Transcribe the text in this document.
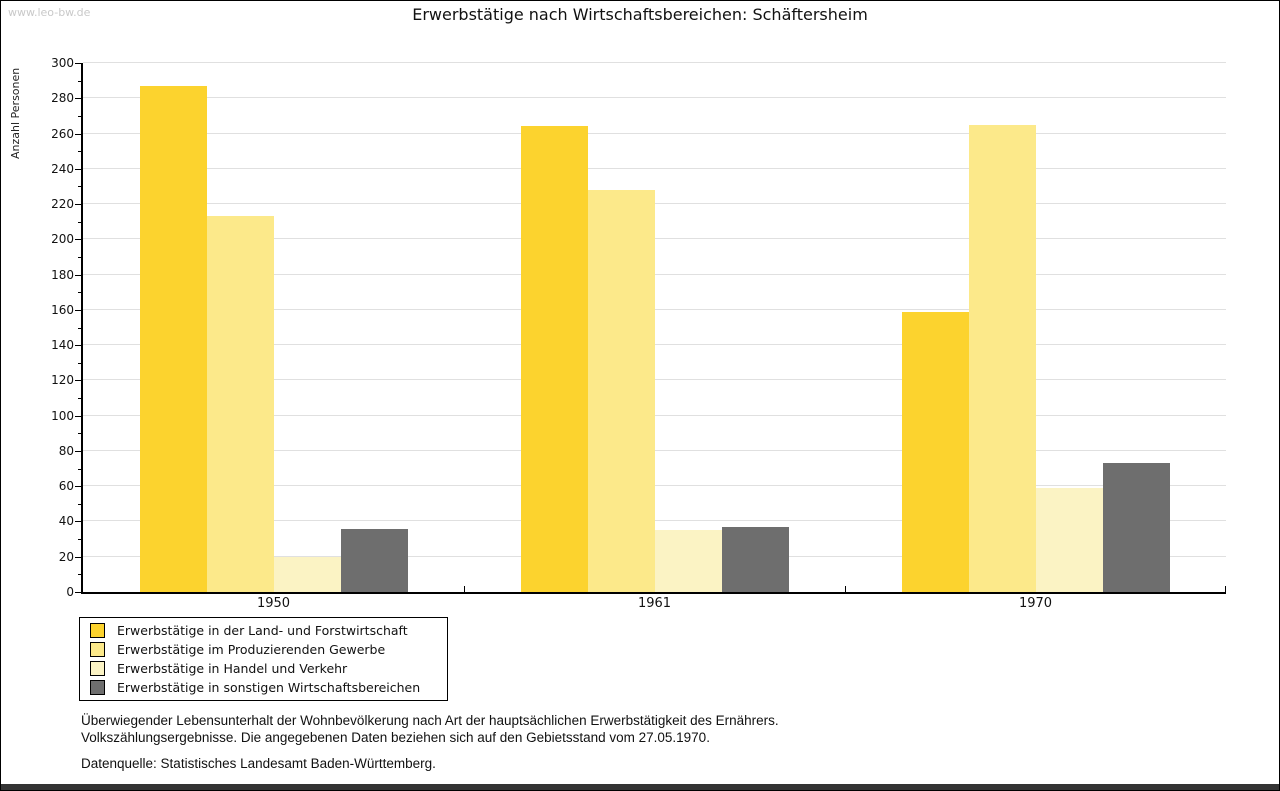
www.leo-bw.de	Erwerbstätige nach Wirtschaftsbereichen: Schäftersheim
Anzahl Personen
0
20
40
60
80
100
120
140
160
180
200
220
240
260
280
300
1950	1961	1970
Erwerbstätige in der Land- und Forstwirtschaft
Erwerbstätige im Produzierenden Gewerbe
Erwerbstätige in Handel und Verkehr
Erwerbstätige in sonstigen Wirtschaftsbereichen
Überwiegender Lebensunterhalt der Wohnbevölkerung nach Art der hauptsächlichen Erwerbstätigkeit des Ernährers.
Volkszählungsergebnisse. Die angegebenen Daten beziehen sich auf den Gebietsstand vom 27.05.1970.
Datenquelle: Statistisches Landesamt Baden-Württemberg.
